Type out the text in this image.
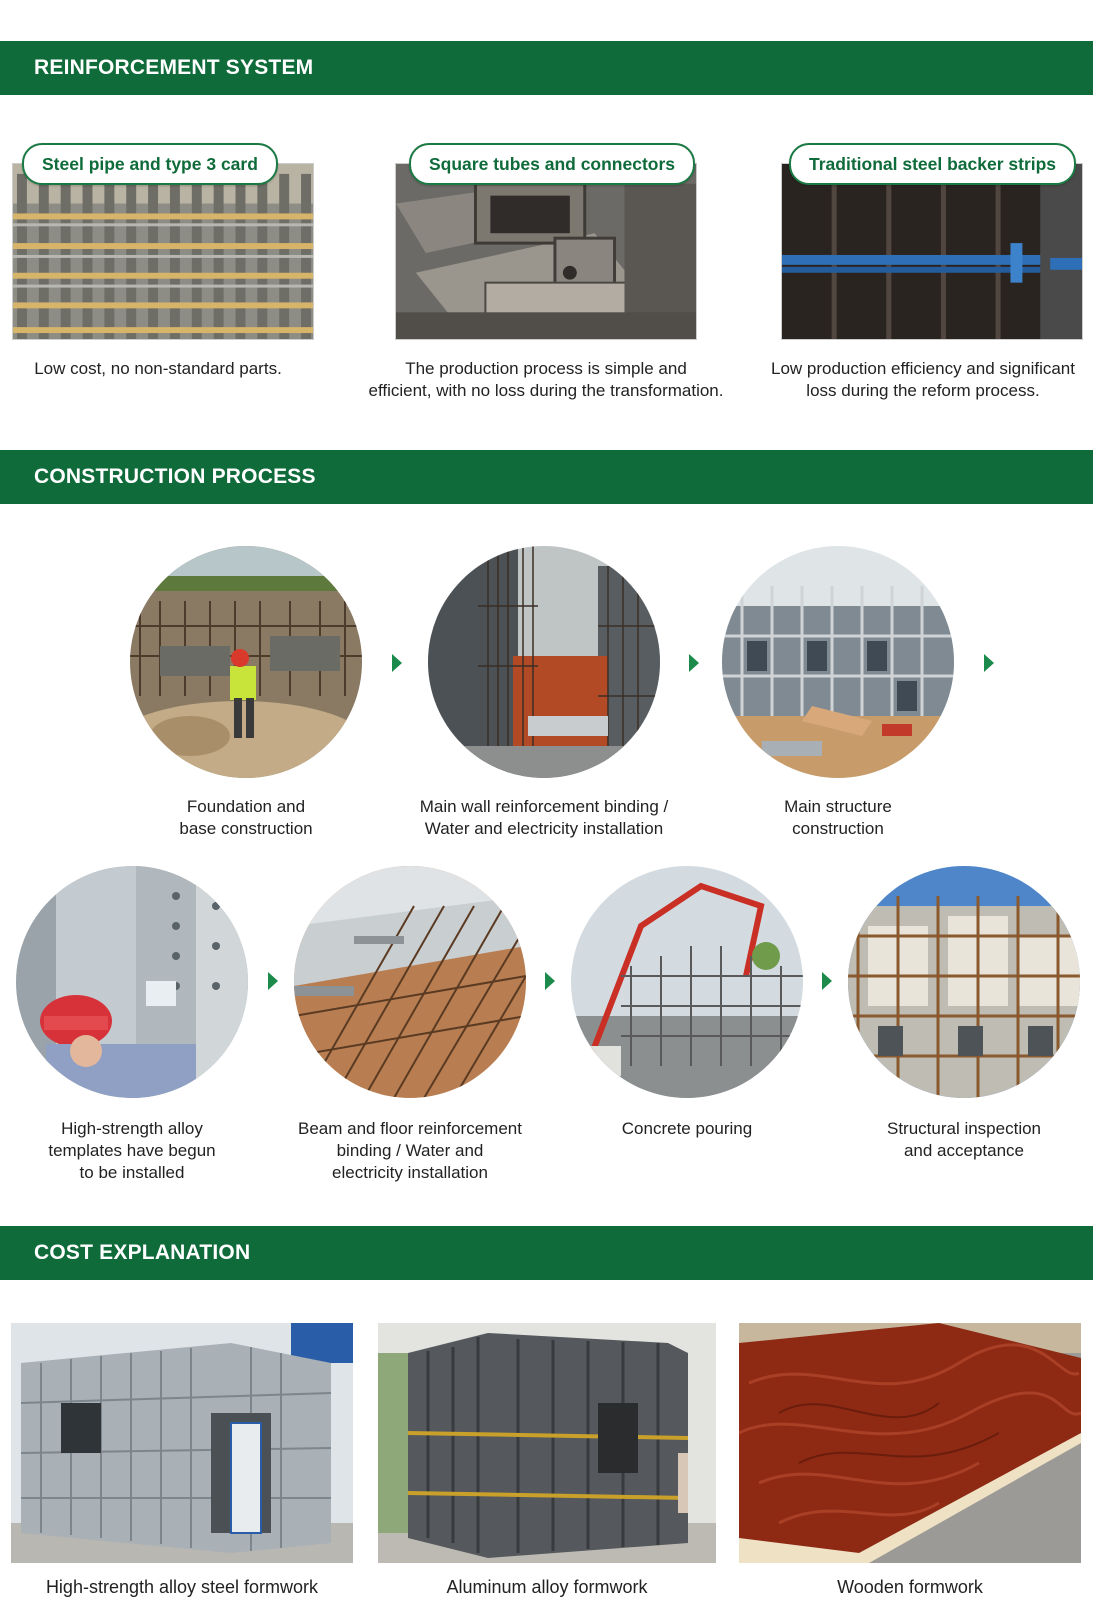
REINFORCEMENT SYSTEM
Steel pipe and type 3 card
Low cost, no non-standard parts.
Square tubes and connectors
The production process is simple and
efficient, with no loss during the transformation.
Traditional steel backer strips
Low production efficiency and significant
loss during the reform process.
CONSTRUCTION PROCESS
Foundation and
base construction
Main wall reinforcement binding /
Water and electricity installation
Main structure
construction
High-strength alloy
templates have begun
to be installed
Beam and floor reinforcement
binding / Water and
electricity installation
Concrete pouring	Structural inspection
and acceptance
COST EXPLANATION
High-strength alloy steel formwork	Aluminum alloy formwork	Wooden formwork
